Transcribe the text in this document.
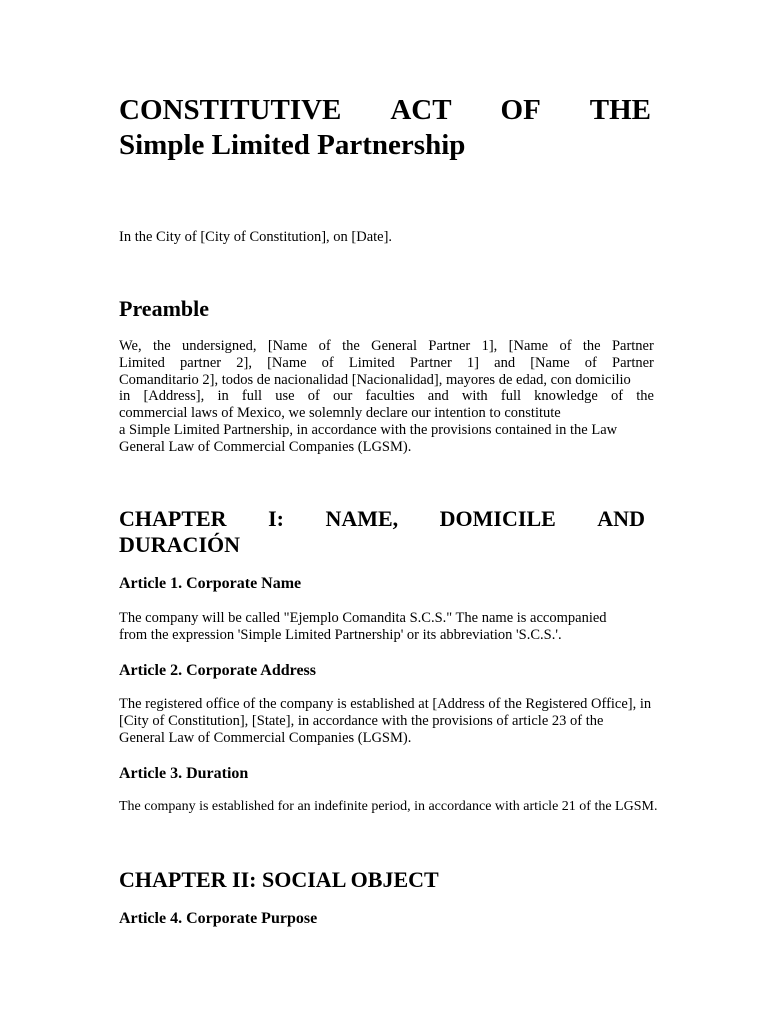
CONSTITUTIVE ACT OF THE
Simple Limited Partnership

In the City of [City of Constitution], on [Date].

Preamble
We, the undersigned, [Name of the General Partner 1], [Name of the Partner
Limited partner 2], [Name of Limited Partner 1] and [Name of Partner
Comanditario 2], todos de nacionalidad [Nacionalidad], mayores de edad, con domicilio
in [Address], in full use of our faculties and with full knowledge of the
commercial laws of Mexico, we solemnly declare our intention to constitute
a Simple Limited Partnership, in accordance with the provisions contained in the Law
General Law of Commercial Companies (LGSM).
CHAPTER I: NAME, DOMICILE AND
DURACIÓN
Article 1. Corporate Name
The company will be called "Ejemplo Comandita S.C.S." The name is accompanied
from the expression 'Simple Limited Partnership' or its abbreviation 'S.C.S.'.
Article 2. Corporate Address
The registered office of the company is established at [Address of the Registered Office], in
[City of Constitution], [State], in accordance with the provisions of article 23 of the
General Law of Commercial Companies (LGSM).
Article 3. Duration

The company is established for an indefinite period, in accordance with article 21 of the LGSM.

CHAPTER II: SOCIAL OBJECT
Article 4. Corporate Purpose
